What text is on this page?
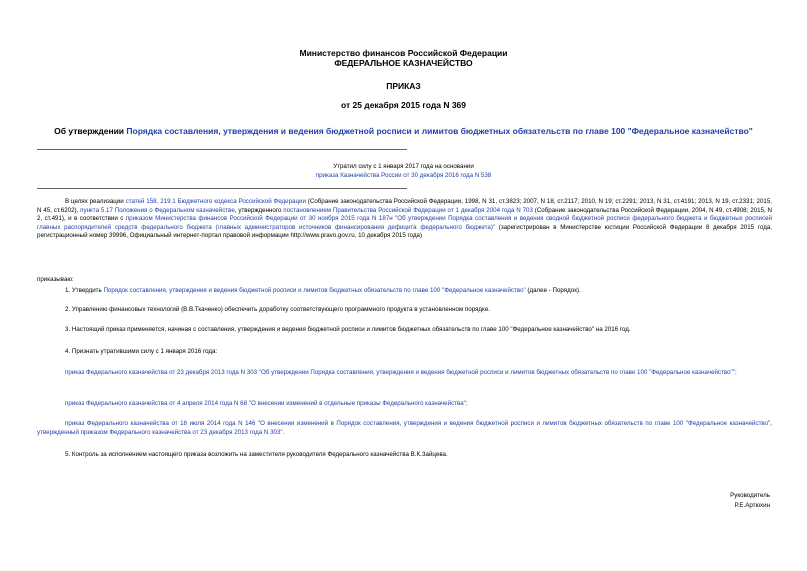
Министерство финансов Российской Федерации
ФЕДЕРАЛЬНОЕ КАЗНАЧЕЙСТВО
ПРИКАЗ
от 25 декабря 2015 года N 369
Об утверждении Порядка составления, утверждения и ведения бюджетной росписи и лимитов бюджетных обязательств по главе 100 "Федеральное казначейство"
Утратил силу с 1 января 2017 года на основании
приказа Казначейства России от 30 декабря 2016 года N 538
В целях реализации статей 158, 219.1 Бюджетного кодекса Российской Федерации (Собрание законодательства Российской Федерации, 1998, N 31, ст.3823; 2007, N 18, ст.2117; 2010, N 19; ст.2291; 2013, N 31, ст.4191; 2013, N 19, ст.2331; 2015, N 45, ст.6202), пункта 5.17 Положения о Федеральном казначействе, утвержденного постановлением Правительства Российской Федерации от 1 декабря 2004 года N 703 (Собрание законодательства Российской Федерации, 2004, N 49, ст.4908; 2015, N 2, ст.491), и в соответствии с приказом Министерства финансов Российской Федерации от 30 ноября 2015 года N 187н "Об утверждении Порядка составления и ведения сводной бюджетной росписи федерального бюджета и бюджетных росписей главных распорядителей средств федерального бюджета (главных администраторов источников финансирования дефицита федерального бюджета)" (зарегистрирован в Министерстве юстиции Российской Федерации 8 декабря 2015 года, регистрационный номер 39996, Официальный интернет-портал правовой информации http://www.pravo.gov.ru, 10 декабря 2015 года)
приказываю:
1. Утвердить Порядок составления, утверждения и ведения бюджетной росписи и лимитов бюджетных обязательств по главе 100 "Федеральное казначейство" (далее - Порядок).
2. Управлению финансовых технологий (В.В.Ткаченко) обеспечить доработку соответствующего программного продукта в установленном порядке.
3. Настоящий приказ применяется, начиная с составления, утверждения и ведения бюджетной росписи и лимитов бюджетных обязательств по главе 100 "Федеральное казначейство" на 2016 год.
4. Признать утратившими силу с 1 января 2016 года:
приказ Федерального казначейства от 23 декабря 2013 года N 303 "Об утверждении Порядка составления, утверждения и ведения бюджетной росписи и лимитов бюджетных обязательств по главе 100 "Федеральное казначейство"";
приказ Федерального казначейства от 4 апреля 2014 года N 68 "О внесении изменений в отдельные приказы Федерального казначейства";
приказ Федерального казначейства от 18 июля 2014 года N 146 "О внесении изменений в Порядок составления, утверждения и ведения бюджетной росписи и лимитов бюджетных обязательств по главе 100 "Федеральное казначейство", утвержденный приказом Федерального казначейства от 23 декабря 2013 года N 303".
5. Контроль за исполнением настоящего приказа возложить на заместителя руководителя Федерального казначейства В.К.Зайцева.
Руководитель
Р.Е.Артюхин
